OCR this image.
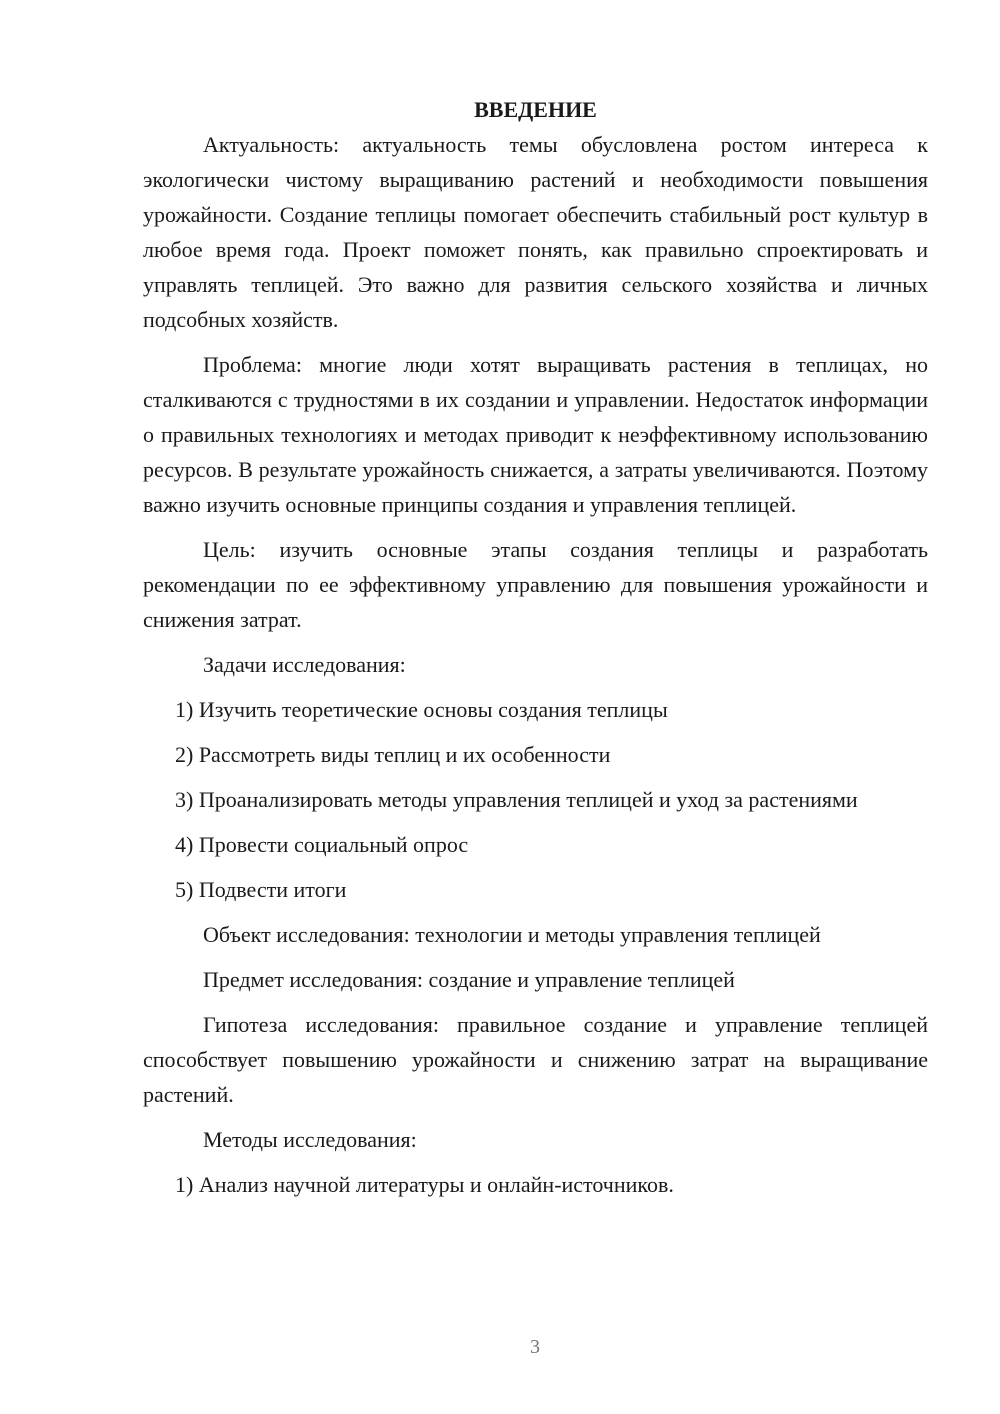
ВВЕДЕНИЕ

Актуальность: актуальность темы обусловлена ростом интереса к экологически чистому выращиванию растений и необходимости повышения урожайности. Создание теплицы помогает обеспечить стабильный рост культур в любое время года. Проект поможет понять, как правильно спроектировать и управлять теплицей. Это важно для развития сельского хозяйства и личных подсобных хозяйств.

Проблема: многие люди хотят выращивать растения в теплицах, но сталкиваются с трудностями в их создании и управлении. Недостаток информации о правильных технологиях и методах приводит к неэффективному использованию ресурсов. В результате урожайность снижается, а затраты увеличиваются. Поэтому важно изучить основные принципы создания и управления теплицей.

Цель: изучить основные этапы создания теплицы и разработать рекомендации по ее эффективному управлению для повышения урожайности и снижения затрат.

Задачи исследования:

1) Изучить теоретические основы создания теплицы

2) Рассмотреть виды теплиц и их особенности

3) Проанализировать методы управления теплицей и уход за растениями

4) Провести социальный опрос

5) Подвести итоги

Объект исследования: технологии и методы управления теплицей

Предмет исследования: создание и управление теплицей

Гипотеза исследования: правильное создание и управление теплицей способствует повышению урожайности и снижению затрат на выращивание растений.

Методы исследования:

1) Анализ научной литературы и онлайн-источников.

3
